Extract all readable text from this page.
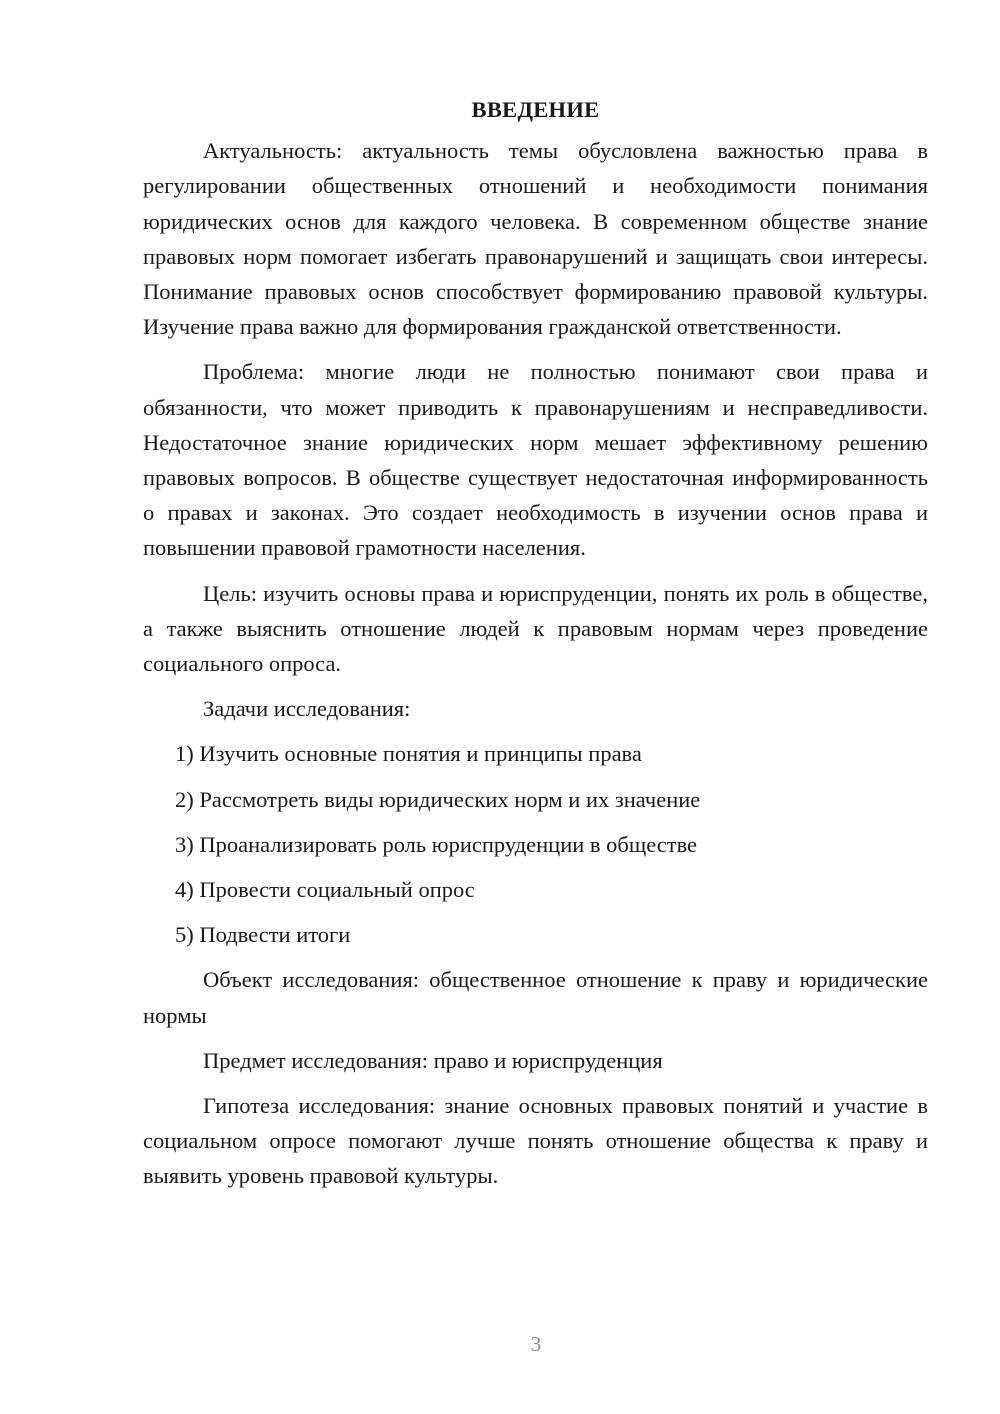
ВВЕДЕНИЕ

Актуальность: актуальность темы обусловлена важностью права в регулировании общественных отношений и необходимости понимания юридических основ для каждого человека. В современном обществе знание правовых норм помогает избегать правонарушений и защищать свои интересы. Понимание правовых основ способствует формированию правовой культуры. Изучение права важно для формирования гражданской ответственности.

Проблема: многие люди не полностью понимают свои права и обязанности, что может приводить к правонарушениям и несправедливости. Недостаточное знание юридических норм мешает эффективному решению правовых вопросов. В обществе существует недостаточная информированность о правах и законах. Это создает необходимость в изучении основ права и повышении правовой грамотности населения.

Цель: изучить основы права и юриспруденции, понять их роль в обществе, а также выяснить отношение людей к правовым нормам через проведение социального опроса.

Задачи исследования:

1) Изучить основные понятия и принципы права
2) Рассмотреть виды юридических норм и их значение
3) Проанализировать роль юриспруденции в обществе
4) Провести социальный опрос
5) Подвести итоги

Объект исследования: общественное отношение к праву и юридические нормы

Предмет исследования: право и юриспруденция

Гипотеза исследования: знание основных правовых понятий и участие в социальном опросе помогают лучше понять отношение общества к праву и выявить уровень правовой культуры.

3
